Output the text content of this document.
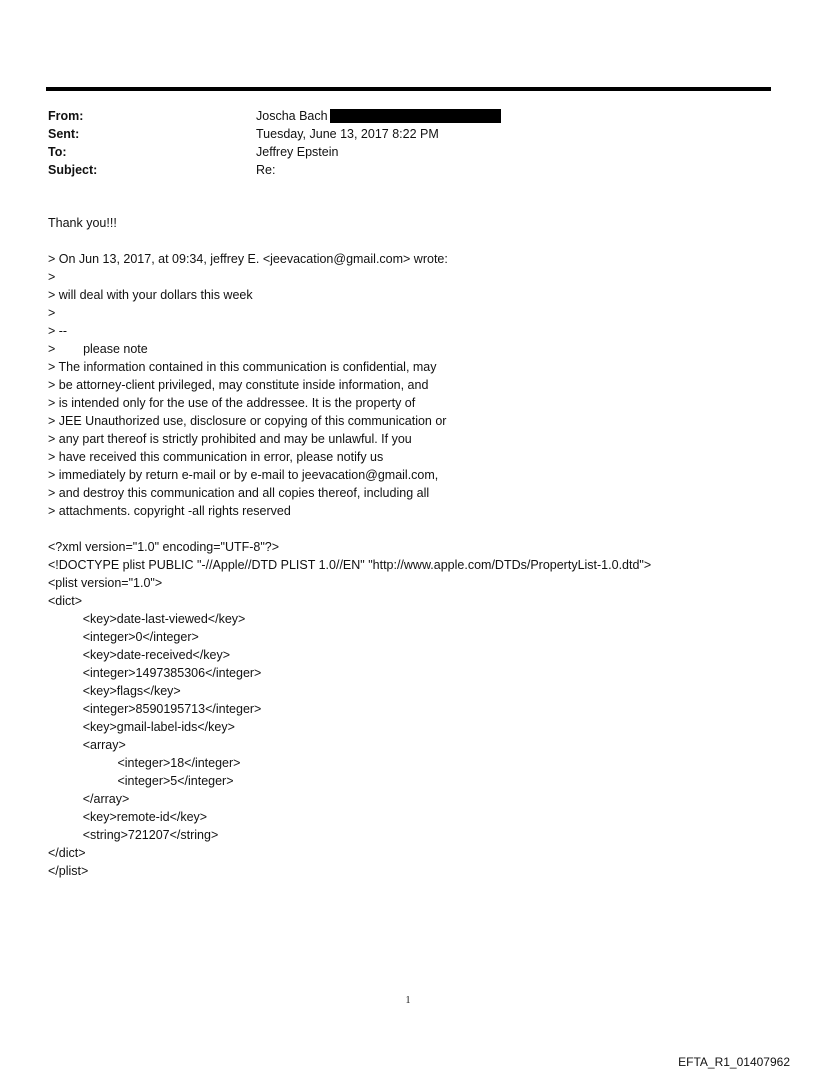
From:	Joscha Bach
Sent:	Tuesday, June 13, 2017 8:22 PM
To:	Jeffrey Epstein
Subject:	Re:
Thank you!!!
> On Jun 13, 2017, at 09:34, jeffrey E. <jeevacation@gmail.com> wrote:
>
> will deal with your dollars this week
>
> --
>        please note
> The information contained in this communication is confidential, may
> be attorney-client privileged, may constitute inside information, and
> is intended only for the use of the addressee. It is the property of
> JEE Unauthorized use, disclosure or copying of this communication or
> any part thereof is strictly prohibited and may be unlawful. If you
> have received this communication in error, please notify us
> immediately by return e-mail or by e-mail to jeevacation@gmail.com,
> and destroy this communication and all copies thereof, including all
> attachments. copyright -all rights reserved
<?xml version="1.0" encoding="UTF-8"?>
<!DOCTYPE plist PUBLIC "-//Apple//DTD PLIST 1.0//EN" "http://www.apple.com/DTDs/PropertyList-1.0.dtd">
<plist version="1.0">
<dict>
<key>date-last-viewed</key>
<integer>0</integer>
<key>date-received</key>
<integer>1497385306</integer>
<key>flags</key>
<integer>8590195713</integer>
<key>gmail-label-ids</key>
<array>
<integer>18</integer>
<integer>5</integer>
</array>
<key>remote-id</key>
<string>721207</string>
</dict>
</plist>
1
EFTA_R1_01407962
